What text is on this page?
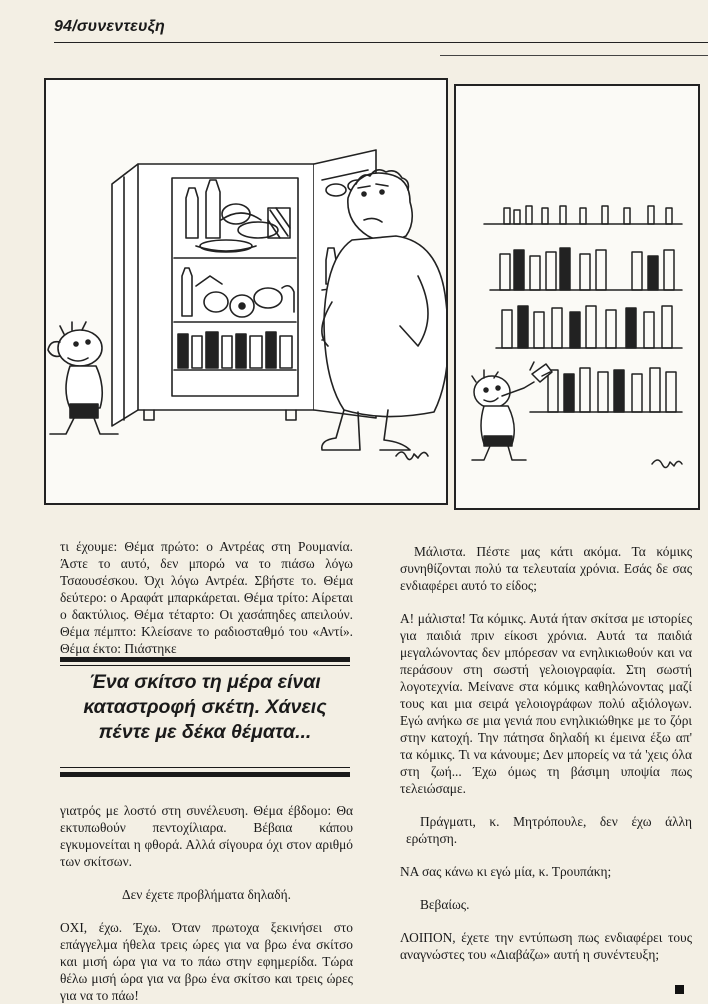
94/συνεντευξη

τι έχουμε: Θέμα πρώτο: ο Αντρέας στη Ρουμανία. Άστε το αυτό, δεν μπορώ να το πιάσω λόγω Τσαουσέσκου. Όχι λόγω Αντρέα. Σβήστε το. Θέμα δεύτερο: ο Αραφάτ μπαρκάρεται. Θέμα τρίτο: Αίρεται ο δακτύλιος. Θέμα τέταρτο: Οι χασάπηδες απειλούν. Θέμα πέμπτο: Κλείσανε το ραδιοσταθμό του «Αντί». Θέμα έκτο: Πιάστηκε

Ένα σκίτσο τη μέρα είναι καταστροφή σκέτη. Χάνεις πέντε με δέκα θέματα...

γιατρός με λοστό στη συνέλευση. Θέμα έβδομο: Θα εκτυπωθούν πεντοχίλιαρα. Βέβαια κάπου εγκυμονείται η φθορά. Αλλά σίγουρα όχι στον αριθμό των σκίτσων.

Δεν έχετε προβλήματα δηλαδή.

ΟΧΙ, έχω. Έχω. Όταν πρωτοχα ξεκινήσει στο επάγγελμα ήθελα τρεις ώρες για να βρω ένα σκίτσο και μισή ώρα για να το πάω στην εφημερίδα. Τώρα θέλω μισή ώρα για να βρω ένα σκίτσο και τρεις ώρες για να το πάω!

Μάλιστα. Πέστε μας κάτι ακόμα. Τα κόμικς συνηθίζονται πολύ τα τελευταία χρόνια. Εσάς δε σας ενδιαφέρει αυτό το είδος;

Α! μάλιστα! Τα κόμικς. Αυτά ήταν σκίτσα με ιστορίες για παιδιά πριν είκοσι χρόνια. Αυτά τα παιδιά μεγαλώνοντας δεν μπόρεσαν να ενηλικιωθούν και να περάσουν στη σωστή γελοιογραφία. Στη σωστή λογοτεχνία. Μείνανε στα κόμικς καθηλώνοντας μαζί τους και μια σειρά γελοιογράφων πολύ αξιόλογων. Εγώ ανήκω σε μια γενιά που ενηλικιώθηκε με το ζόρι στην κατοχή. Την πάτησα δηλαδή κι έμεινα έξω απ' τα κόμικς. Τι να κάνουμε; Δεν μπορείς να τά 'χεις όλα στη ζωή... Έχω όμως τη βάσιμη υποψία πως τελειώσαμε.

Πράγματι, κ. Μητρόπουλε, δεν έχω άλλη ερώτηση.

ΝΑ σας κάνω κι εγώ μία, κ. Τρουπάκη;

Βεβαίως.

ΛΟΙΠΟΝ, έχετε την εντύπωση πως ενδιαφέρει τους αναγνώστες του «Διαβάζω» αυτή η συνέντευξη;
